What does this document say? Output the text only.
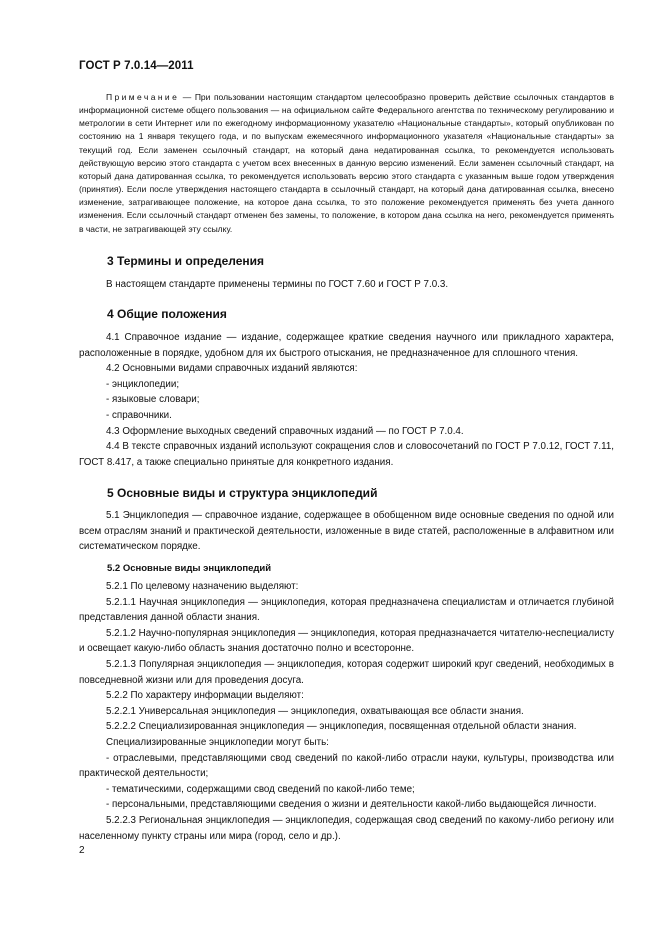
ГОСТ Р 7.0.14—2011

Примечание — При пользовании настоящим стандартом целесообразно проверить действие ссылочных стандартов в информационной системе общего пользования — на официальном сайте Федерального агентства по техническому регулированию и метрологии в сети Интернет или по ежегодному информационному указателю «Национальные стандарты», который опубликован по состоянию на 1 января текущего года, и по выпускам ежемесячного информационного указателя «Национальные стандарты» за текущий год. Если заменен ссылочный стандарт, на который дана недатированная ссылка, то рекомендуется использовать действующую версию этого стандарта с учетом всех внесенных в данную версию изменений. Если заменен ссылочный стандарт, на который дана датированная ссылка, то рекомендуется использовать версию этого стандарта с указанным выше годом утверждения (принятия). Если после утверждения настоящего стандарта в ссылочный стандарт, на который дана датированная ссылка, внесено изменение, затрагивающее положение, на которое дана ссылка, то это положение рекомендуется применять без учета данного изменения. Если ссылочный стандарт отменен без замены, то положение, в котором дана ссылка на него, рекомендуется применять в части, не затрагивающей эту ссылку.

3 Термины и определения

В настоящем стандарте применены термины по ГОСТ 7.60 и ГОСТ Р 7.0.3.

4 Общие положения

4.1 Справочное издание — издание, содержащее краткие сведения научного или прикладного характера, расположенные в порядке, удобном для их быстрого отыскания, не предназначенное для сплошного чтения.

4.2 Основными видами справочных изданий являются:

- энциклопедии;

- языковые словари;

- справочники.

4.3 Оформление выходных сведений справочных изданий — по ГОСТ Р 7.0.4.

4.4 В тексте справочных изданий используют сокращения слов и словосочетаний по ГОСТ Р 7.0.12, ГОСТ 7.11, ГОСТ 8.417, а также специально принятые для конкретного издания.

5 Основные виды и структура энциклопедий

5.1 Энциклопедия — справочное издание, содержащее в обобщенном виде основные сведения по одной или всем отраслям знаний и практической деятельности, изложенные в виде статей, расположенные в алфавитном или систематическом порядке.

5.2 Основные виды энциклопедий

5.2.1 По целевому назначению выделяют:

5.2.1.1 Научная энциклопедия — энциклопедия, которая предназначена специалистам и отличается глубиной представления данной области знания.

5.2.1.2 Научно-популярная энциклопедия — энциклопедия, которая предназначается читателю-неспециалисту и освещает какую-либо область знания достаточно полно и всесторонне.

5.2.1.3 Популярная энциклопедия — энциклопедия, которая содержит широкий круг сведений, необходимых в повседневной жизни или для проведения досуга.

5.2.2 По характеру информации выделяют:

5.2.2.1 Универсальная энциклопедия — энциклопедия, охватывающая все области знания.

5.2.2.2 Специализированная энциклопедия — энциклопедия, посвященная отдельной области знания.

Специализированные энциклопедии могут быть:

- отраслевыми, представляющими свод сведений по какой-либо отрасли науки, культуры, производства или практической деятельности;

- тематическими, содержащими свод сведений по какой-либо теме;

- персональными, представляющими сведения о жизни и деятельности какой-либо выдающейся личности.

5.2.2.3 Региональная энциклопедия — энциклопедия, содержащая свод сведений по какому-либо региону или населенному пункту страны или мира (город, село и др.).

2
